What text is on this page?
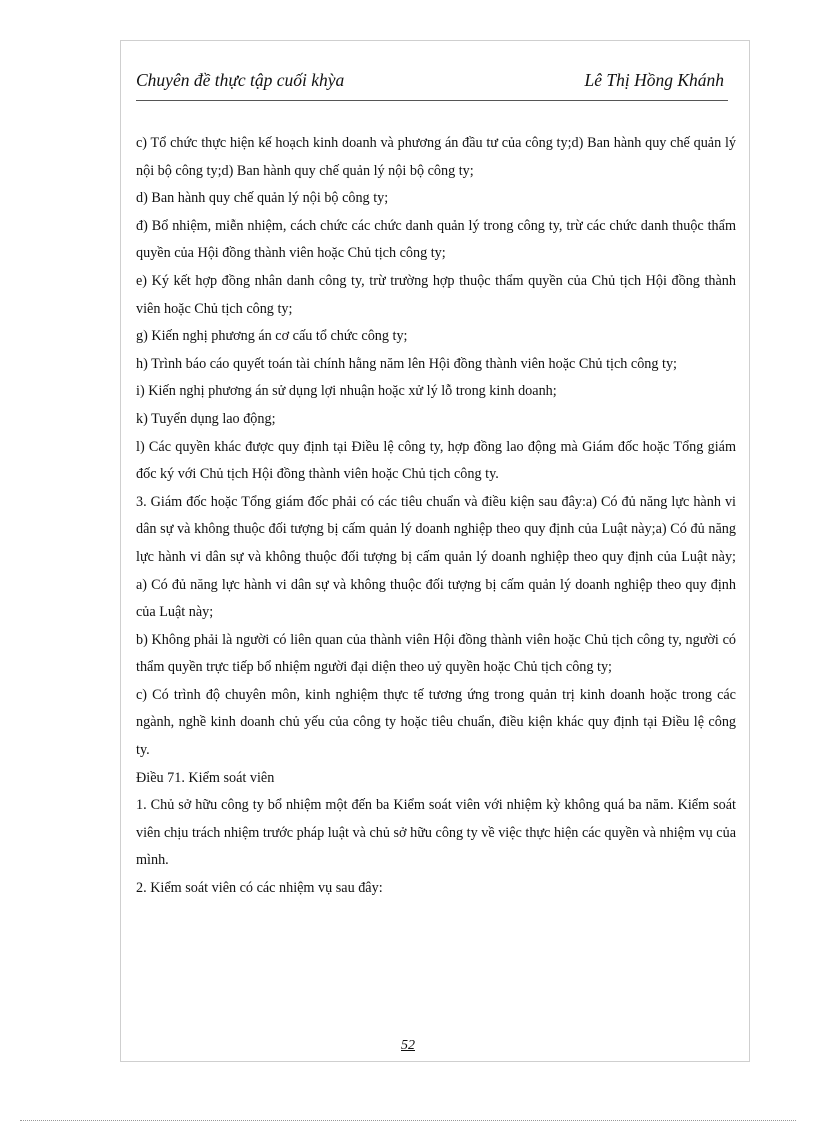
Chuyên đề thực tập cuối khỳa	Lê Thị Hồng Khánh

c) Tổ chức thực hiện kế hoạch kinh doanh và phương án đầu tư của công ty;d) Ban hành quy chế quản lý nội bộ công ty;d) Ban hành quy chế quản lý nội bộ công ty;

d) Ban hành quy chế quản lý nội bộ công ty;

đ) Bổ nhiệm, miễn nhiệm, cách chức các chức danh quản lý trong công ty, trừ các chức danh thuộc thẩm quyền của Hội đồng thành viên hoặc Chủ tịch công ty;

e) Ký kết hợp đồng nhân danh công ty, trừ trường hợp thuộc thẩm quyền của Chủ tịch Hội đồng thành viên hoặc Chủ tịch công ty;

g) Kiến nghị phương án cơ cấu tổ chức công ty;

h) Trình báo cáo quyết toán tài chính hằng năm lên Hội đồng thành viên hoặc Chủ tịch công ty;

i) Kiến nghị phương án sử dụng lợi nhuận hoặc xử lý lỗ trong kinh doanh;

k) Tuyển dụng lao động;

l) Các quyền khác được quy định tại Điều lệ công ty, hợp đồng lao động mà Giám đốc hoặc Tổng giám đốc ký với Chủ tịch Hội đồng thành viên hoặc Chủ tịch công ty.

3. Giám đốc hoặc Tổng giám đốc phải có các tiêu chuẩn và điều kiện sau đây:a) Có đủ năng lực hành vi dân sự và không thuộc đối tượng bị cấm quản lý doanh nghiệp theo quy định của Luật này;a) Có đủ năng lực hành vi dân sự và không thuộc đối tượng bị cấm quản lý doanh nghiệp theo quy định của Luật này;

a) Có đủ năng lực hành vi dân sự và không thuộc đối tượng bị cấm quản lý doanh nghiệp theo quy định của Luật này;

b) Không phải là người có liên quan của thành viên Hội đồng thành viên hoặc Chủ tịch công ty, người có thẩm quyền trực tiếp bổ nhiệm người đại diện theo uỷ quyền hoặc Chủ tịch công ty;

c) Có trình độ chuyên môn, kinh nghiệm thực tế tương ứng trong quản trị kinh doanh hoặc trong các ngành, nghề kinh doanh chủ yếu của công ty hoặc tiêu chuẩn, điều kiện khác quy định tại Điều lệ công ty.

Điều 71. Kiểm soát viên

1. Chủ sở hữu công ty bổ nhiệm một đến ba Kiểm soát viên với nhiệm kỳ không quá ba năm. Kiểm soát viên chịu trách nhiệm trước pháp luật và chủ sở hữu công ty về việc thực hiện các quyền và nhiệm vụ của mình.

2. Kiểm soát viên có các nhiệm vụ sau đây:

52
